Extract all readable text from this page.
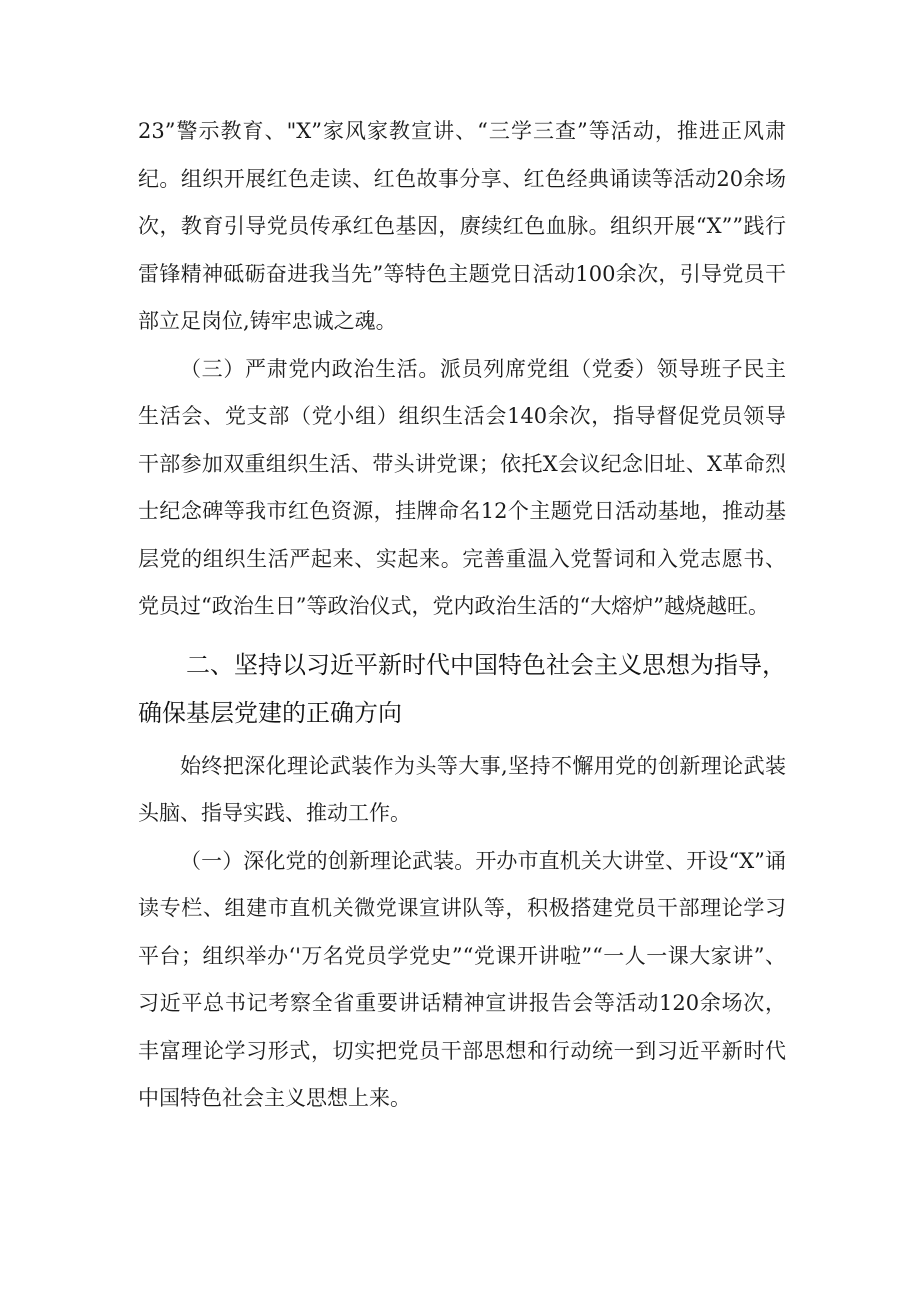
23”警示教育、"X”家风家教宣讲、“三学三查”等活动，推进正风肃纪。组织开展红色走读、红色故事分享、红色经典诵读等活动20余场次，教育引导党员传承红色基因，赓续红色血脉。组织开展“X””践行雷锋精神砥砺奋进我当先”等特色主题党日活动100余次，引导党员干部立足岗位,铸牢忠诚之魂。

（三）严肃党内政治生活。派员列席党组（党委）领导班子民主生活会、党支部（党小组）组织生活会140余次，指导督促党员领导干部参加双重组织生活、带头讲党课；依托X会议纪念旧址、X革命烈士纪念碑等我市红色资源，挂牌命名12个主题党日活动基地，推动基层党的组织生活严起来、实起来。完善重温入党誓词和入党志愿书、党员过“政治生日”等政治仪式，党内政治生活的“大熔炉”越烧越旺。

二、坚持以习近平新时代中国特色社会主义思想为指导，确保基层党建的正确方向

始终把深化理论武装作为头等大事,坚持不懈用党的创新理论武装头脑、指导实践、推动工作。

（一）深化党的创新理论武装。开办市直机关大讲堂、开设“X”诵读专栏、组建市直机关微党课宣讲队等，积极搭建党员干部理论学习平台；组织举办‘'万名党员学党史”“党课开讲啦”“一人一课大家讲”、习近平总书记考察全省重要讲话精神宣讲报告会等活动120余场次，丰富理论学习形式，切实把党员干部思想和行动统一到习近平新时代中国特色社会主义思想上来。
